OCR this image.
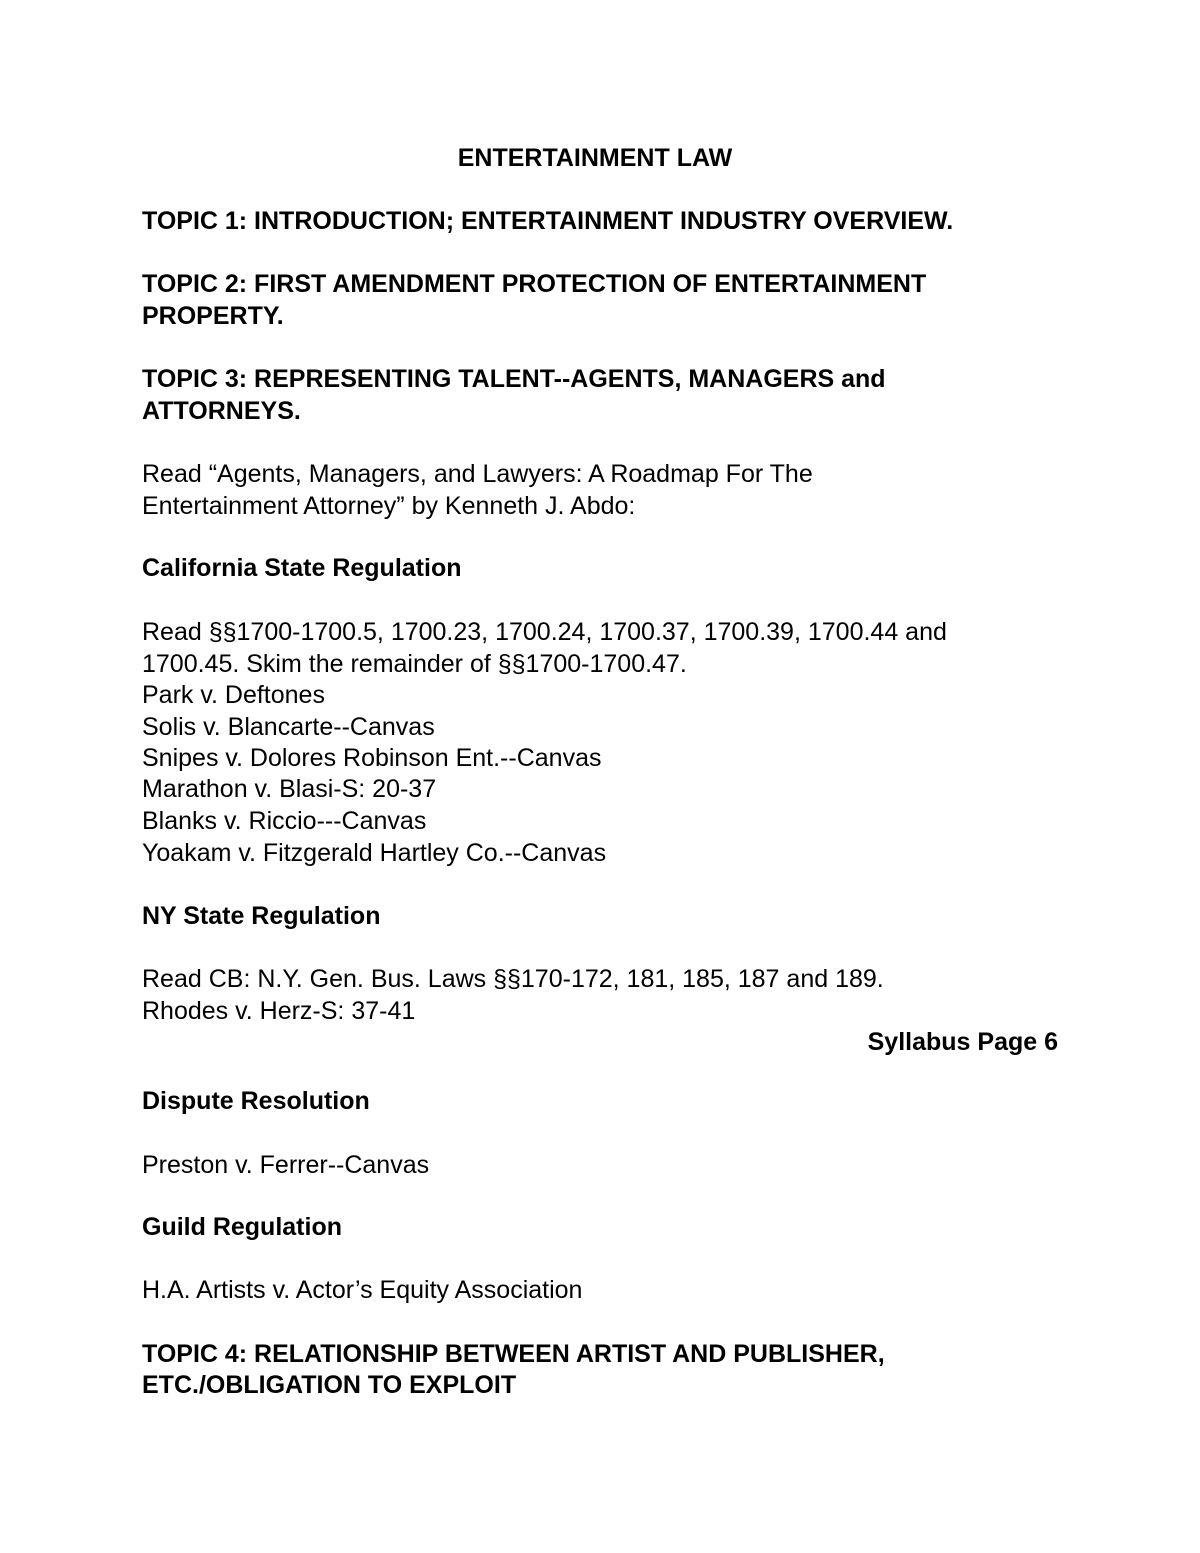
ENTERTAINMENT LAW

TOPIC 1: INTRODUCTION; ENTERTAINMENT INDUSTRY OVERVIEW.

TOPIC 2: FIRST AMENDMENT PROTECTION OF ENTERTAINMENT

PROPERTY.

TOPIC 3: REPRESENTING TALENT--AGENTS, MANAGERS and

ATTORNEYS.

Read “Agents, Managers, and Lawyers: A Roadmap For The

Entertainment Attorney” by Kenneth J. Abdo:

California State Regulation

Read §§1700-1700.5, 1700.23, 1700.24, 1700.37, 1700.39, 1700.44 and

1700.45. Skim the remainder of §§1700-1700.47.

Park v. Deftones

Solis v. Blancarte--Canvas

Snipes v. Dolores Robinson Ent.--Canvas

Marathon v. Blasi-S: 20-37

Blanks v. Riccio---Canvas

Yoakam v. Fitzgerald Hartley Co.--Canvas

NY State Regulation

Read CB: N.Y. Gen. Bus. Laws §§170-172, 181, 185, 187 and 189.

Rhodes v. Herz-S: 37-41

Syllabus Page 6

Dispute Resolution

Preston v. Ferrer--Canvas

Guild Regulation

H.A. Artists v. Actor’s Equity Association

TOPIC 4: RELATIONSHIP BETWEEN ARTIST AND PUBLISHER,

ETC./OBLIGATION TO EXPLOIT
